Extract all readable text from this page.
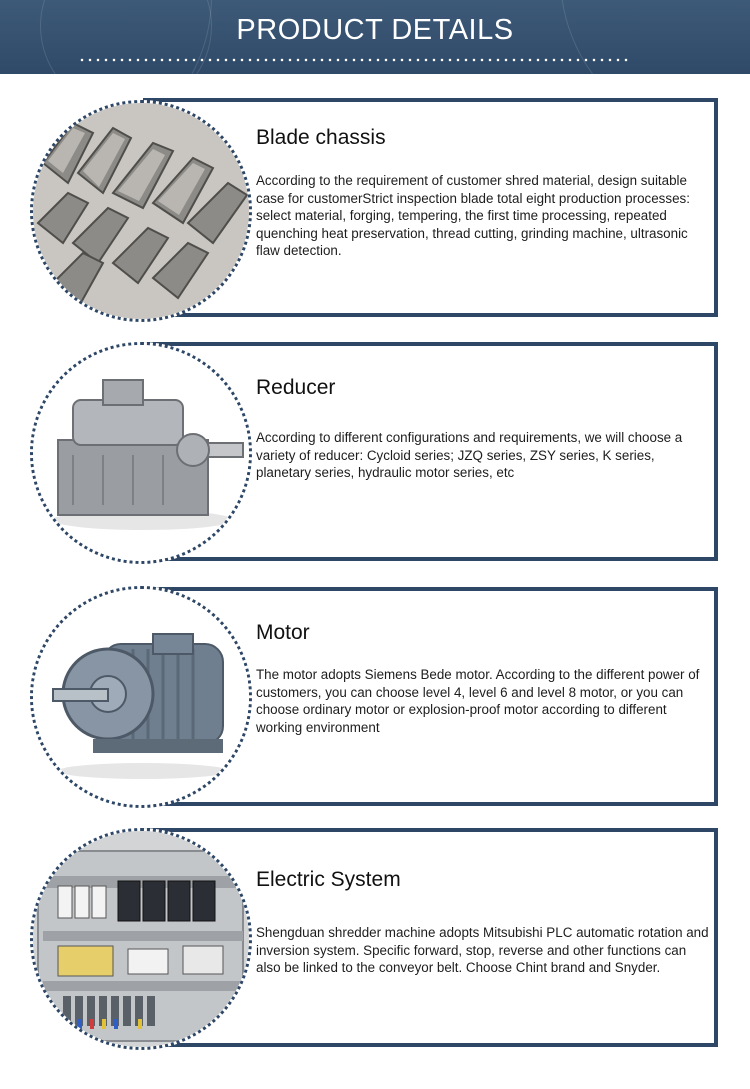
PRODUCT DETAILS
Blade chassis
According to the requirement of customer shred material, design suitable case for customerStrict inspection blade total eight production processes: select material, forging, tempering, the first time processing, repeated quenching heat preservation, thread cutting, grinding machine, ultrasonic flaw detection.
Reducer
According to different configurations and requirements, we will choose a variety of reducer: Cycloid series; JZQ series, ZSY series, K series, planetary series, hydraulic motor series, etc
Motor
The motor adopts Siemens Bede motor. According to the different power of customers, you can choose level 4, level 6 and level 8 motor, or you can choose ordinary motor or explosion-proof motor according to different working environment
Electric System
Shengduan shredder machine adopts Mitsubishi PLC automatic rotation and inversion system. Specific forward, stop, reverse and other functions can also be linked to the conveyor belt. Choose Chint brand and Snyder.
